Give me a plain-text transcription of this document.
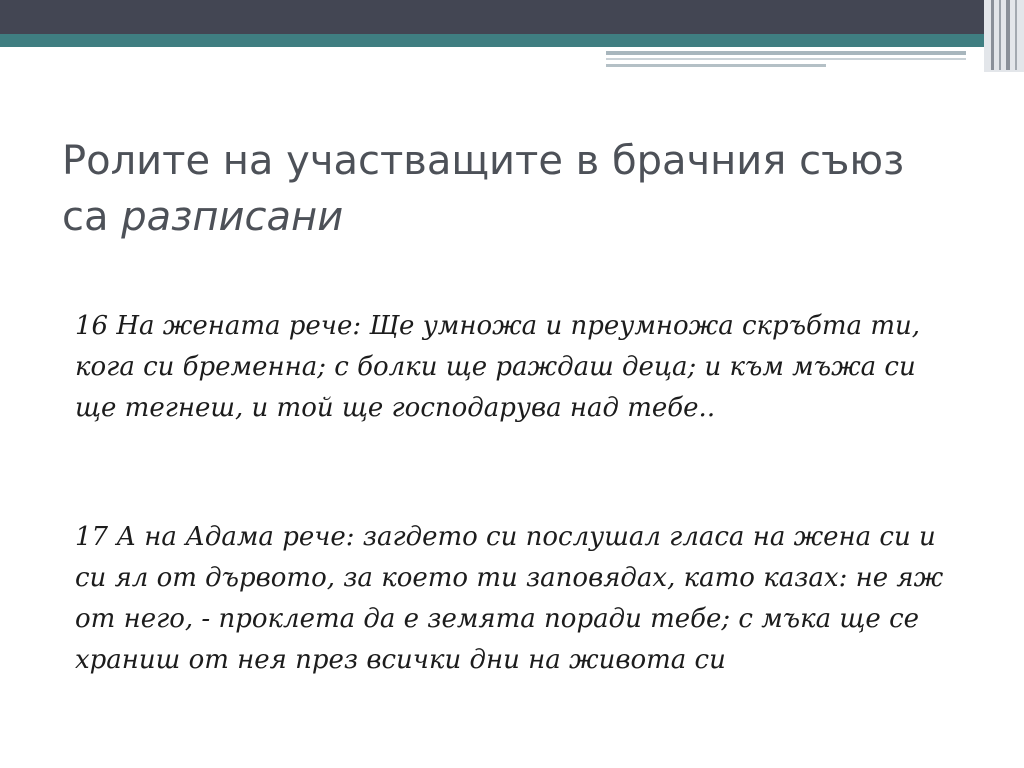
Ролите на участващите в брачния съюз са разписани

16 На жената рече: Ще умножа и преумножа скръбта ти, кога си бременна; с болки ще раждаш деца; и към мъжа си ще тегнеш, и той ще господарува над тебе..

17 А на Адама рече: загдето си послушал гласа на жена си и си ял от дървото, за което ти заповядах, като казах: не яж от него, - проклета да е земята поради тебе; с мъка ще се храниш от нея през всички дни на живота си
